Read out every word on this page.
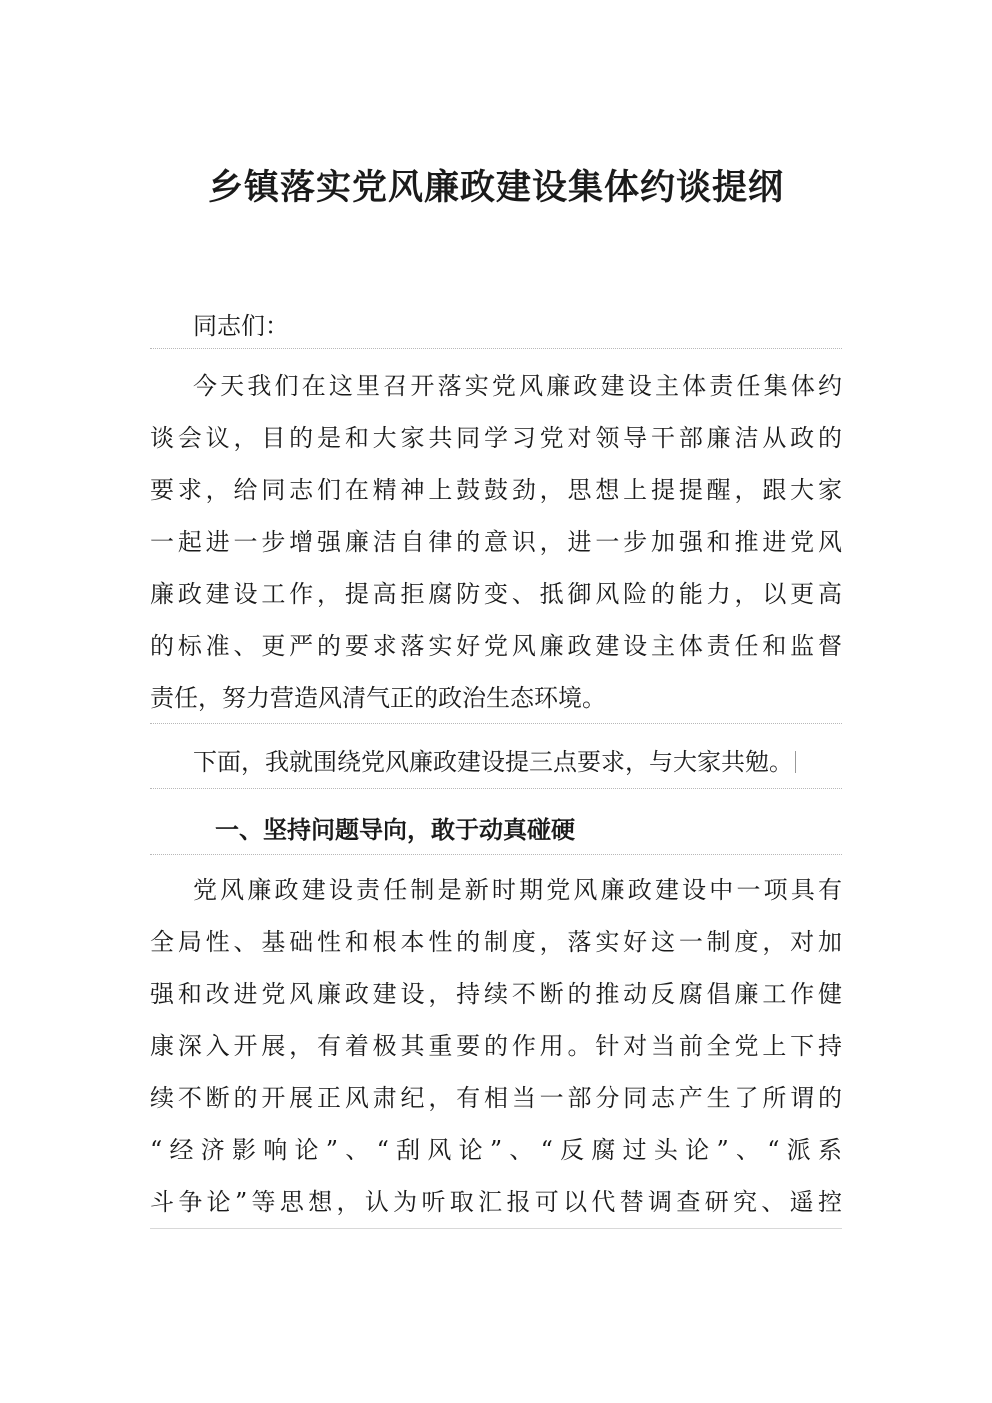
乡镇落实党风廉政建设集体约谈提纲
同志们：
今天我们在这里召开落实党风廉政建设主体责任集体约
谈会议，目的是和大家共同学习党对领导干部廉洁从政的
要求，给同志们在精神上鼓鼓劲，思想上提提醒，跟大家
一起进一步增强廉洁自律的意识，进一步加强和推进党风
廉政建设工作，提高拒腐防变、抵御风险的能力，以更高
的标准、更严的要求落实好党风廉政建设主体责任和监督
责任，努力营造风清气正的政治生态环境。
下面，我就围绕党风廉政建设提三点要求，与大家共勉。
一、坚持问题导向，敢于动真碰硬
党风廉政建设责任制是新时期党风廉政建设中一项具有
全局性、基础性和根本性的制度，落实好这一制度，对加
强和改进党风廉政建设，持续不断的推动反腐倡廉工作健
康深入开展，有着极其重要的作用。针对当前全党上下持
续不断的开展正风肃纪，有相当一部分同志产生了所谓的
“经济影响论”、“刮风论”、“反腐过头论”、“派系
斗争论”等思想，认为听取汇报可以代替调查研究、遥控
